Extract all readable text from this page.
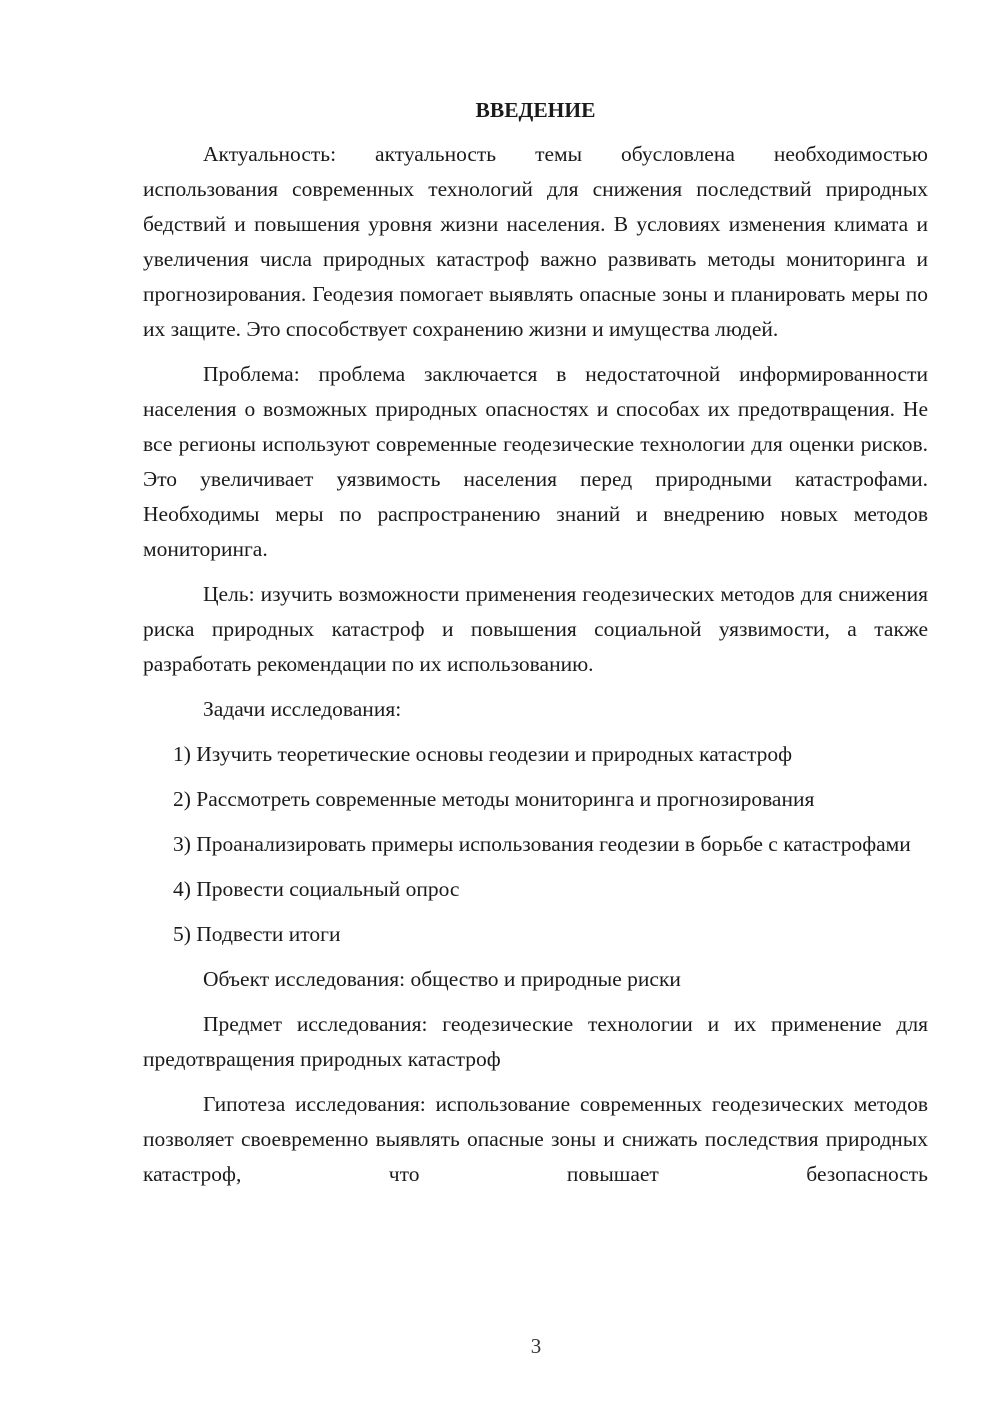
ВВЕДЕНИЕ

Актуальность: актуальность темы обусловлена необходимостью использования современных технологий для снижения последствий природных бедствий и повышения уровня жизни населения. В условиях изменения климата и увеличения числа природных катастроф важно развивать методы мониторинга и прогнозирования. Геодезия помогает выявлять опасные зоны и планировать меры по их защите. Это способствует сохранению жизни и имущества людей.

Проблема: проблема заключается в недостаточной информированности населения о возможных природных опасностях и способах их предотвращения. Не все регионы используют современные геодезические технологии для оценки рисков. Это увеличивает уязвимость населения перед природными катастрофами. Необходимы меры по распространению знаний и внедрению новых методов мониторинга.

Цель: изучить возможности применения геодезических методов для снижения риска природных катастроф и повышения социальной уязвимости, а также разработать рекомендации по их использованию.

Задачи исследования:

1) Изучить теоретические основы геодезии и природных катастроф
2) Рассмотреть современные методы мониторинга и прогнозирования
3) Проанализировать примеры использования геодезии в борьбе с катастрофами
4) Провести социальный опрос
5) Подвести итоги

Объект исследования: общество и природные риски

Предмет исследования: геодезические технологии и их применение для предотвращения природных катастроф

Гипотеза исследования: использование современных геодезических методов позволяет своевременно выявлять опасные зоны и снижать последствия природных катастроф, что повышает безопасность

3
